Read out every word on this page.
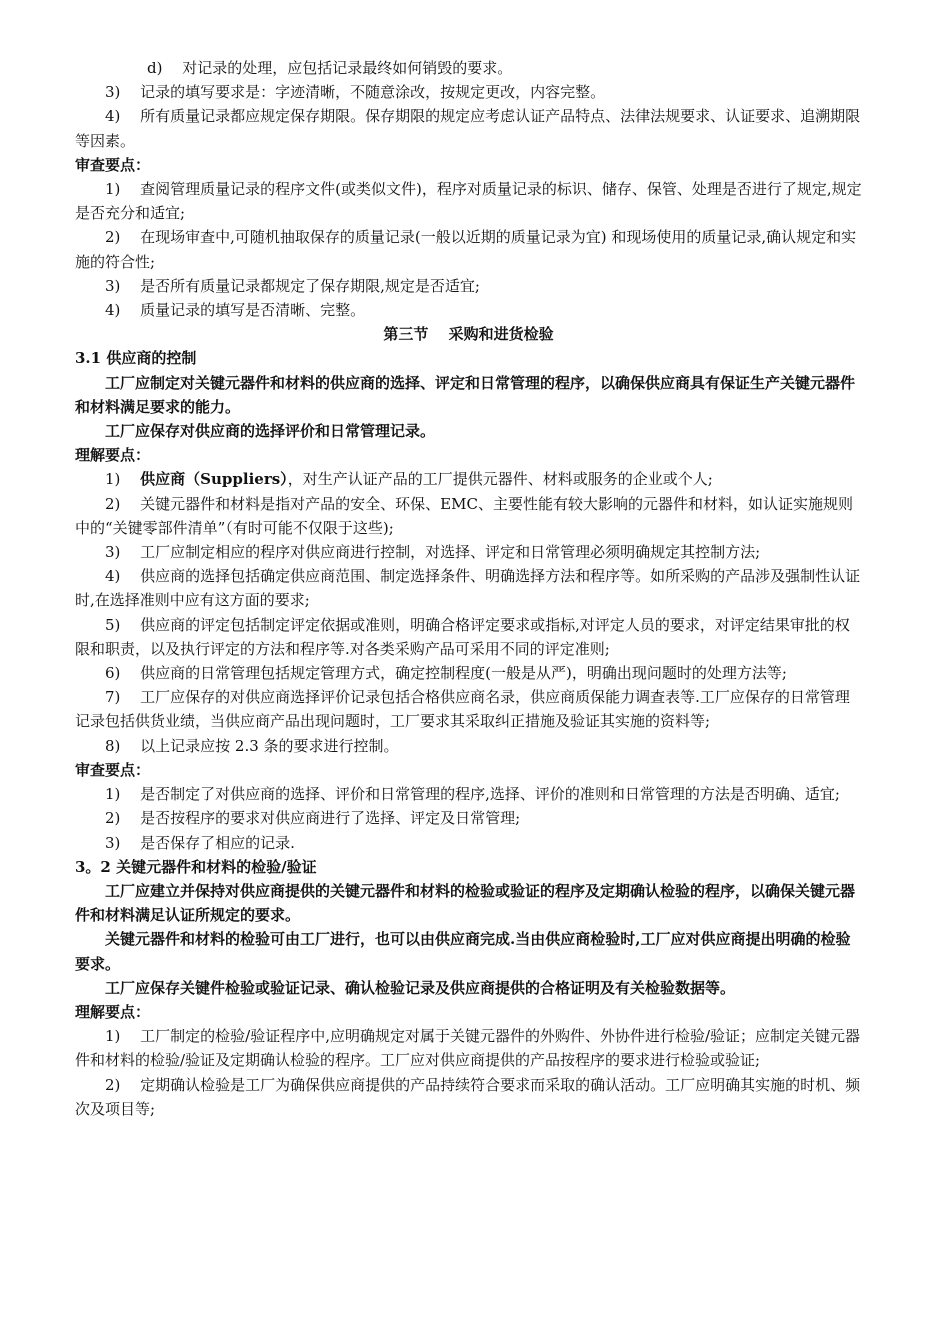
d)　 对记录的处理，应包括记录最终如何销毁的要求。

3)　 记录的填写要求是：字迹清晰，不随意涂改，按规定更改，内容完整。

4)　 所有质量记录都应规定保存期限。保存期限的规定应考虑认证产品特点、法律法规要求、认证要求、追溯期限等因素。

审查要点：

1)　 查阅管理质量记录的程序文件(或类似文件)，程序对质量记录的标识、储存、保管、处理是否进行了规定,规定是否充分和适宜;

2)　 在现场审查中,可随机抽取保存的质量记录(一般以近期的质量记录为宜) 和现场使用的质量记录,确认规定和实施的符合性;

3)　 是否所有质量记录都规定了保存期限,规定是否适宜;

4)　 质量记录的填写是否清晰、完整。

第三节　 采购和进货检验

3.1 供应商的控制

工厂应制定对关键元器件和材料的供应商的选择、评定和日常管理的程序，以确保供应商具有保证生产关键元器件和材料满足要求的能力。

工厂应保存对供应商的选择评价和日常管理记录。

理解要点：

1)　 供应商（Suppliers），对生产认证产品的工厂提供元器件、材料或服务的企业或个人;

2)　 关键元器件和材料是指对产品的安全、环保、EMC、主要性能有较大影响的元器件和材料，如认证实施规则中的“关键零部件清单”（有时可能不仅限于这些);

3)　 工厂应制定相应的程序对供应商进行控制，对选择、评定和日常管理必须明确规定其控制方法;

4)　 供应商的选择包括确定供应商范围、制定选择条件、明确选择方法和程序等。如所采购的产品涉及强制性认证时,在选择准则中应有这方面的要求;

5)　 供应商的评定包括制定评定依据或准则，明确合格评定要求或指标,对评定人员的要求，对评定结果审批的权限和职责，以及执行评定的方法和程序等.对各类采购产品可采用不同的评定准则;

6)　 供应商的日常管理包括规定管理方式，确定控制程度(一般是从严)，明确出现问题时的处理方法等;

7)　 工厂应保存的对供应商选择评价记录包括合格供应商名录，供应商质保能力调查表等.工厂应保存的日常管理记录包括供货业绩，当供应商产品出现问题时，工厂要求其采取纠正措施及验证其实施的资料等;

8)　 以上记录应按 2.3 条的要求进行控制。

审查要点：

1)　 是否制定了对供应商的选择、评价和日常管理的程序,选择、评价的准则和日常管理的方法是否明确、适宜;

2)　 是否按程序的要求对供应商进行了选择、评定及日常管理;

3)　 是否保存了相应的记录.

3。2 关键元器件和材料的检验/验证

工厂应建立并保持对供应商提供的关键元器件和材料的检验或验证的程序及定期确认检验的程序，以确保关键元器件和材料满足认证所规定的要求。

关键元器件和材料的检验可由工厂进行，也可以由供应商完成.当由供应商检验时,工厂应对供应商提出明确的检验要求。

工厂应保存关键件检验或验证记录、确认检验记录及供应商提供的合格证明及有关检验数据等。

理解要点：

1)　 工厂制定的检验/验证程序中,应明确规定对属于关键元器件的外购件、外协件进行检验/验证；应制定关键元器件和材料的检验/验证及定期确认检验的程序。工厂应对供应商提供的产品按程序的要求进行检验或验证;

2)　 定期确认检验是工厂为确保供应商提供的产品持续符合要求而采取的确认活动。工厂应明确其实施的时机、频次及项目等;
